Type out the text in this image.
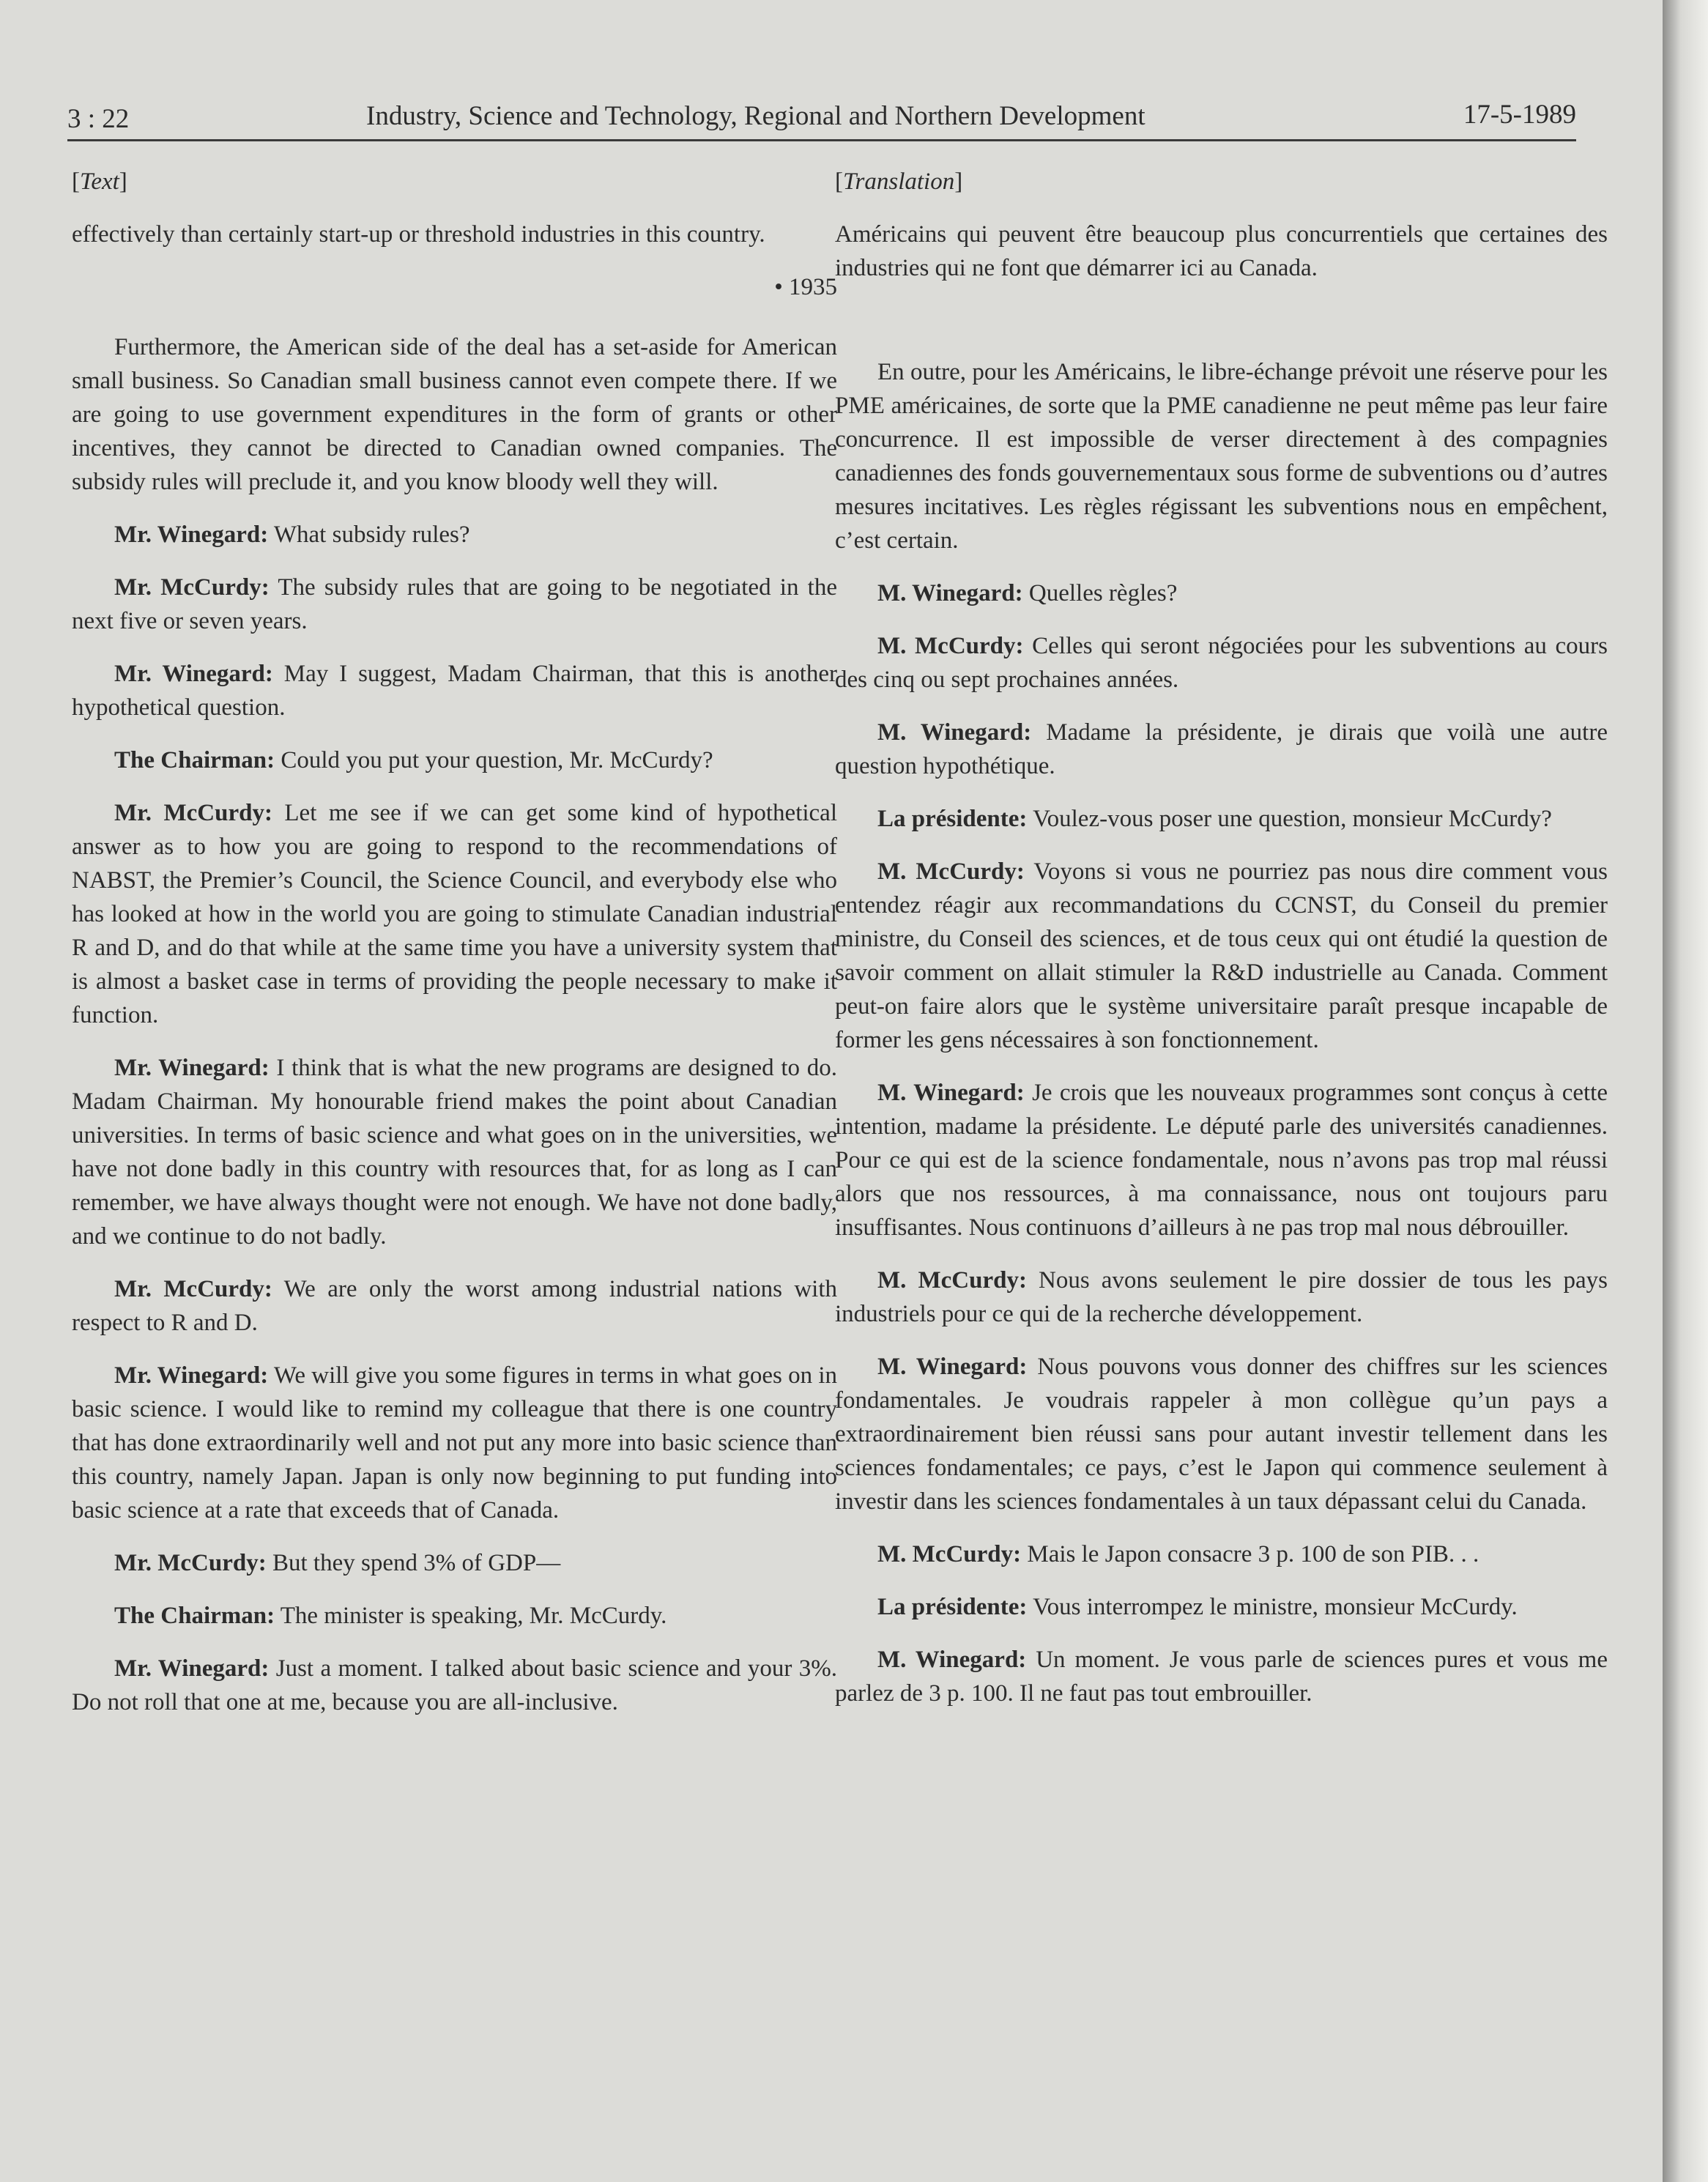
3 : 22	Industry, Science and Technology, Regional and Northern Development	17-5-1989

[Text]

effectively than certainly start-up or threshold industries in this country.

• 1935

Furthermore, the American side of the deal has a set-aside for American small business. So Canadian small business cannot even compete there. If we are going to use government expenditures in the form of grants or other incentives, they cannot be directed to Canadian owned companies. The subsidy rules will preclude it, and you know bloody well they will.

Mr. Winegard: What subsidy rules?

Mr. McCurdy: The subsidy rules that are going to be negotiated in the next five or seven years.

Mr. Winegard: May I suggest, Madam Chairman, that this is another hypothetical question.

The Chairman: Could you put your question, Mr. McCurdy?

Mr. McCurdy: Let me see if we can get some kind of hypothetical answer as to how you are going to respond to the recommendations of NABST, the Premier’s Council, the Science Council, and everybody else who has looked at how in the world you are going to stimulate Canadian industrial R and D, and do that while at the same time you have a university system that is almost a basket case in terms of providing the people necessary to make it function.

Mr. Winegard: I think that is what the new programs are designed to do. Madam Chairman. My honourable friend makes the point about Canadian universities. In terms of basic science and what goes on in the universities, we have not done badly in this country with resources that, for as long as I can remember, we have always thought were not enough. We have not done badly, and we continue to do not badly.

Mr. McCurdy: We are only the worst among industrial nations with respect to R and D.

Mr. Winegard: We will give you some figures in terms in what goes on in basic science. I would like to remind my colleague that there is one country that has done extraordinarily well and not put any more into basic science than this country, namely Japan. Japan is only now beginning to put funding into basic science at a rate that exceeds that of Canada.

Mr. McCurdy: But they spend 3% of GDP—

The Chairman: The minister is speaking, Mr. McCurdy.

Mr. Winegard: Just a moment. I talked about basic science and your 3%. Do not roll that one at me, because you are all-inclusive.

[Translation]

Américains qui peuvent être beaucoup plus concurrentiels que certaines des industries qui ne font que démarrer ici au Canada.

En outre, pour les Américains, le libre-échange prévoit une réserve pour les PME américaines, de sorte que la PME canadienne ne peut même pas leur faire concurrence. Il est impossible de verser directement à des compagnies canadiennes des fonds gouvernementaux sous forme de subventions ou d’autres mesures incitatives. Les règles régissant les subventions nous en empêchent, c’est certain.

M. Winegard: Quelles règles?

M. McCurdy: Celles qui seront négociées pour les subventions au cours des cinq ou sept prochaines années.

M. Winegard: Madame la présidente, je dirais que voilà une autre question hypothétique.

La présidente: Voulez-vous poser une question, monsieur McCurdy?

M. McCurdy: Voyons si vous ne pourriez pas nous dire comment vous entendez réagir aux recommandations du CCNST, du Conseil du premier ministre, du Conseil des sciences, et de tous ceux qui ont étudié la question de savoir comment on allait stimuler la R&D industrielle au Canada. Comment peut-on faire alors que le système universitaire paraît presque incapable de former les gens nécessaires à son fonctionnement.

M. Winegard: Je crois que les nouveaux programmes sont conçus à cette intention, madame la présidente. Le député parle des universités canadiennes. Pour ce qui est de la science fondamentale, nous n’avons pas trop mal réussi alors que nos ressources, à ma connaissance, nous ont toujours paru insuffisantes. Nous continuons d’ailleurs à ne pas trop mal nous débrouiller.

M. McCurdy: Nous avons seulement le pire dossier de tous les pays industriels pour ce qui de la recherche développement.

M. Winegard: Nous pouvons vous donner des chiffres sur les sciences fondamentales. Je voudrais rappeler à mon collègue qu’un pays a extraordinairement bien réussi sans pour autant investir tellement dans les sciences fondamentales; ce pays, c’est le Japon qui commence seulement à investir dans les sciences fondamentales à un taux dépassant celui du Canada.

M. McCurdy: Mais le Japon consacre 3 p. 100 de son PIB. . .

La présidente: Vous interrompez le ministre, monsieur McCurdy.

M. Winegard: Un moment. Je vous parle de sciences pures et vous me parlez de 3 p. 100. Il ne faut pas tout embrouiller.
